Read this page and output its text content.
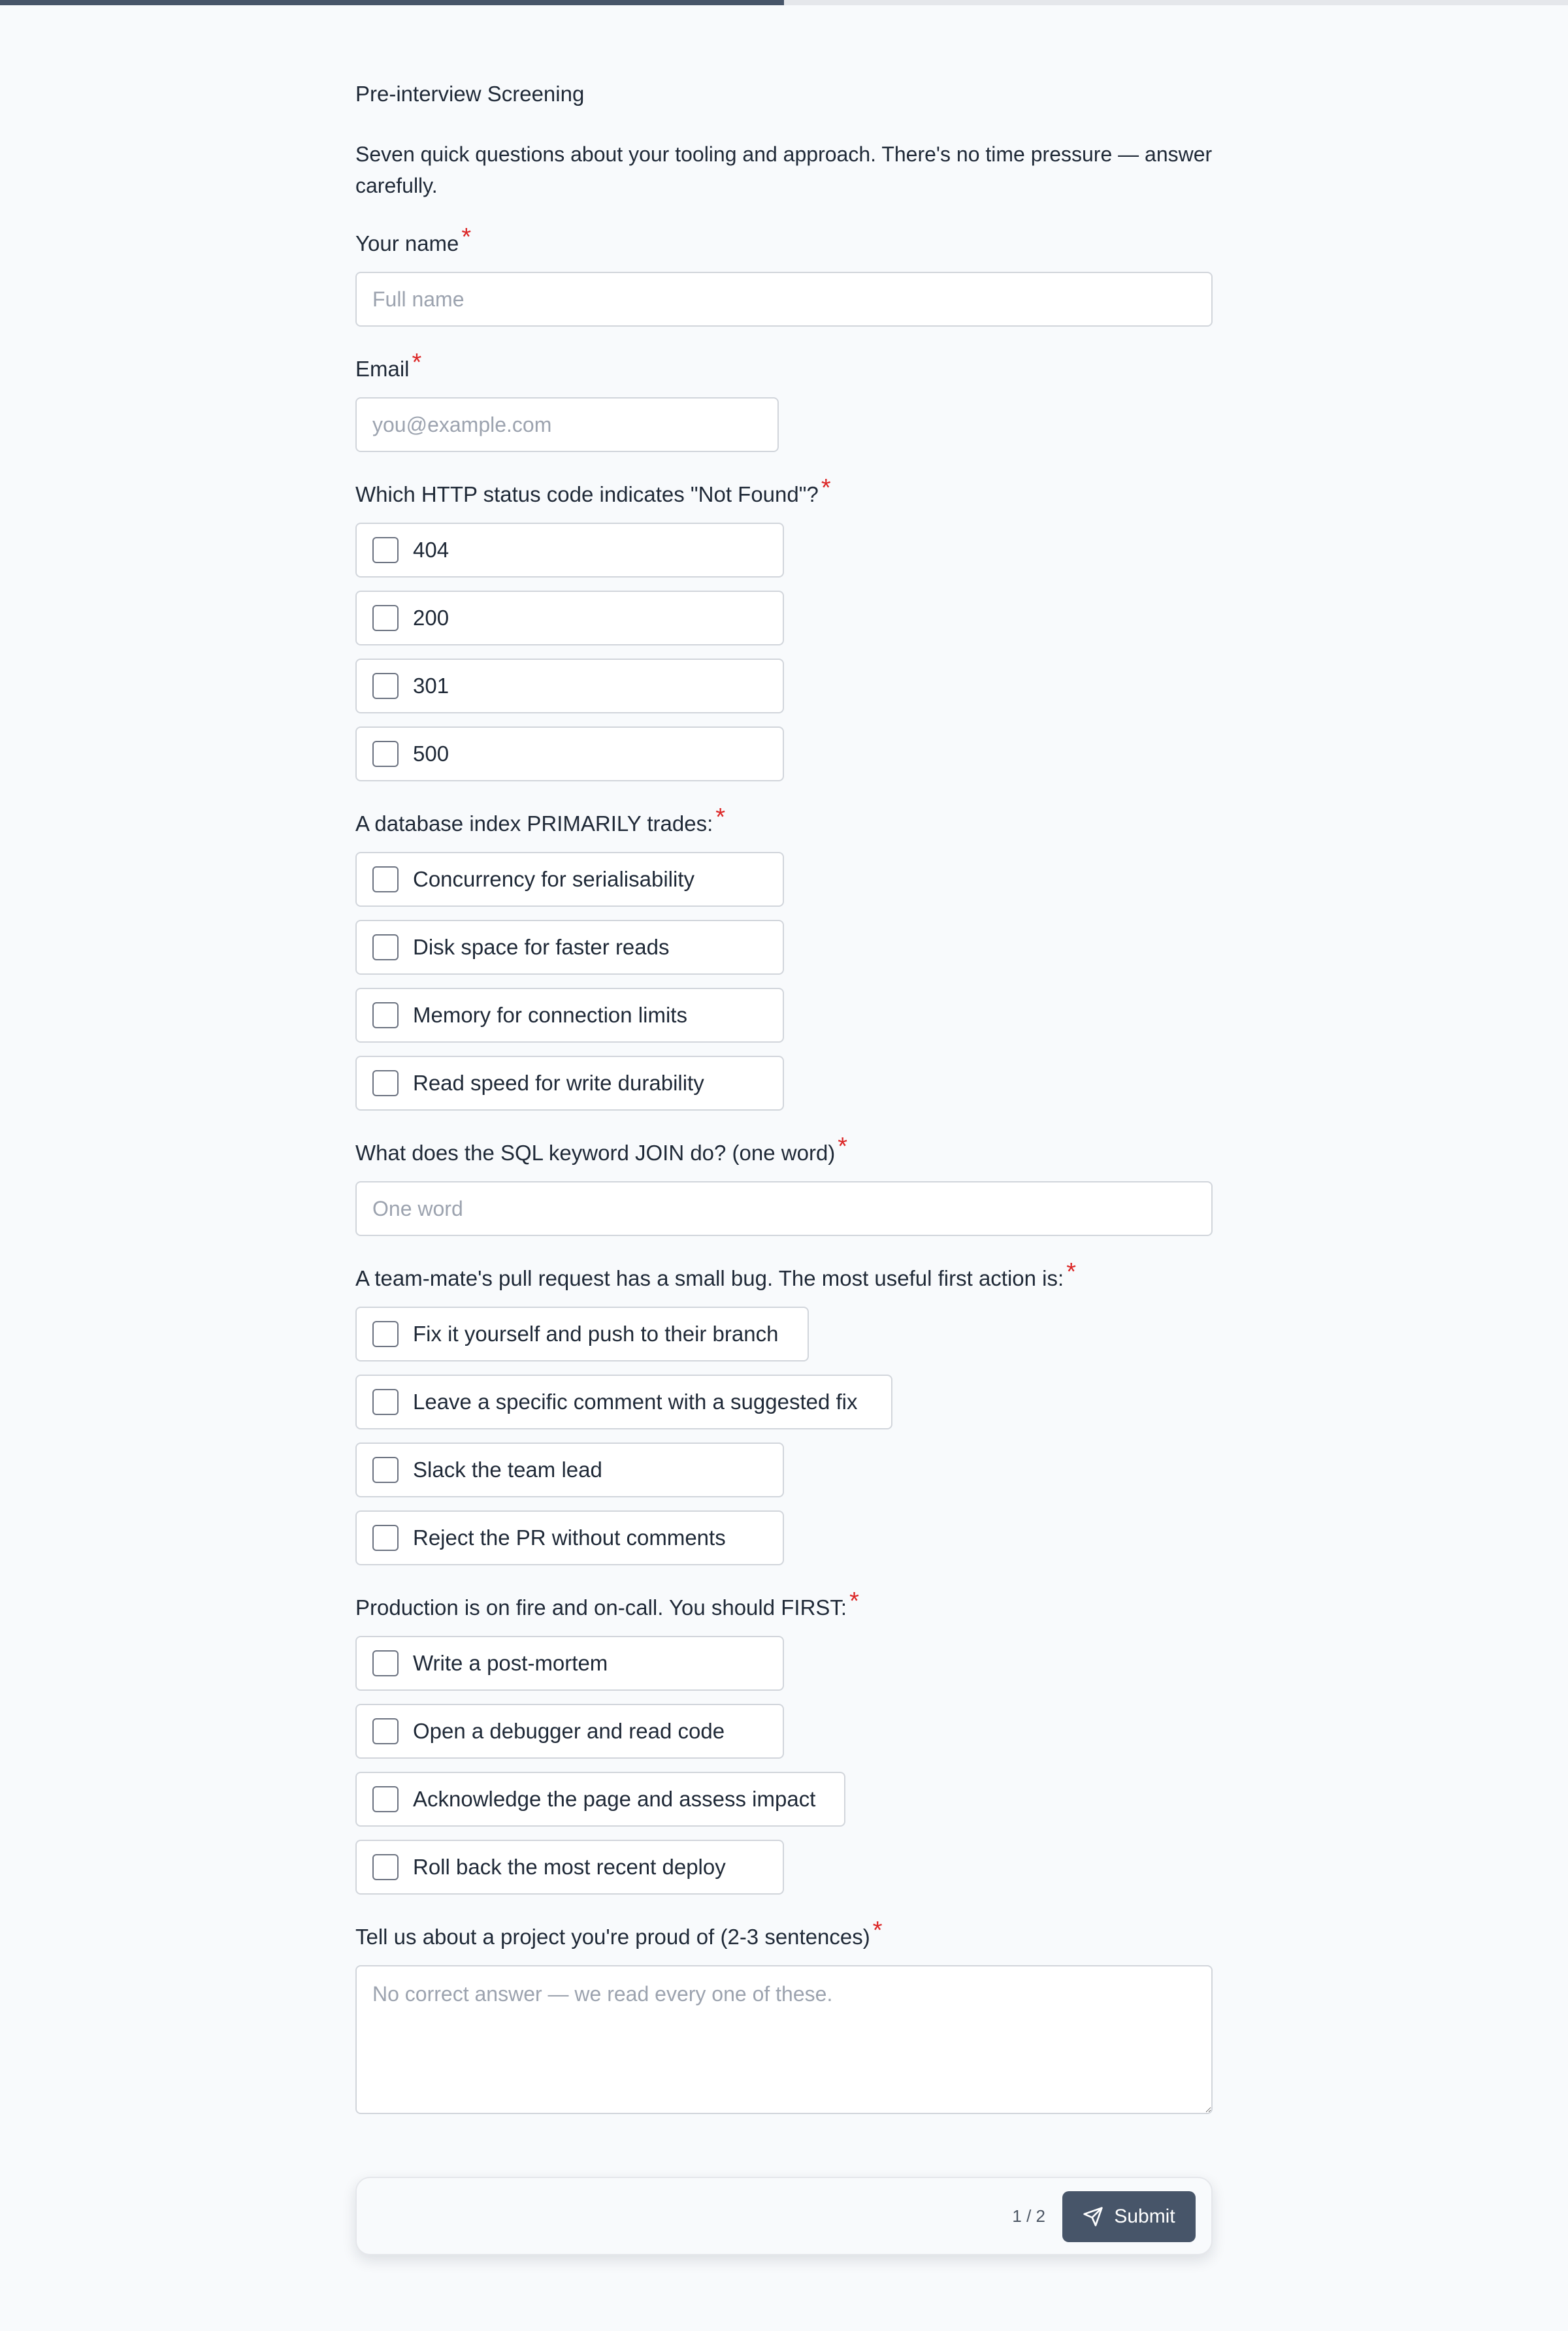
Pre-interview Screening
Seven quick questions about your tooling and approach. There's no time pressure — answer carefully.
Your name *
Full name
Email *
you@example.com
Which HTTP status code indicates "Not Found"? *
404
200
301
500
A database index PRIMARILY trades: *
Concurrency for serialisability
Disk space for faster reads
Memory for connection limits
Read speed for write durability
What does the SQL keyword JOIN do? (one word) *
One word
A team-mate's pull request has a small bug. The most useful first action is: *
Fix it yourself and push to their branch
Leave a specific comment with a suggested fix
Slack the team lead
Reject the PR without comments
Production is on fire and on-call. You should FIRST: *
Write a post-mortem
Open a debugger and read code
Acknowledge the page and assess impact
Roll back the most recent deploy
Tell us about a project you're proud of (2-3 sentences) *
No correct answer — we read every one of these.
1 / 2	Submit
